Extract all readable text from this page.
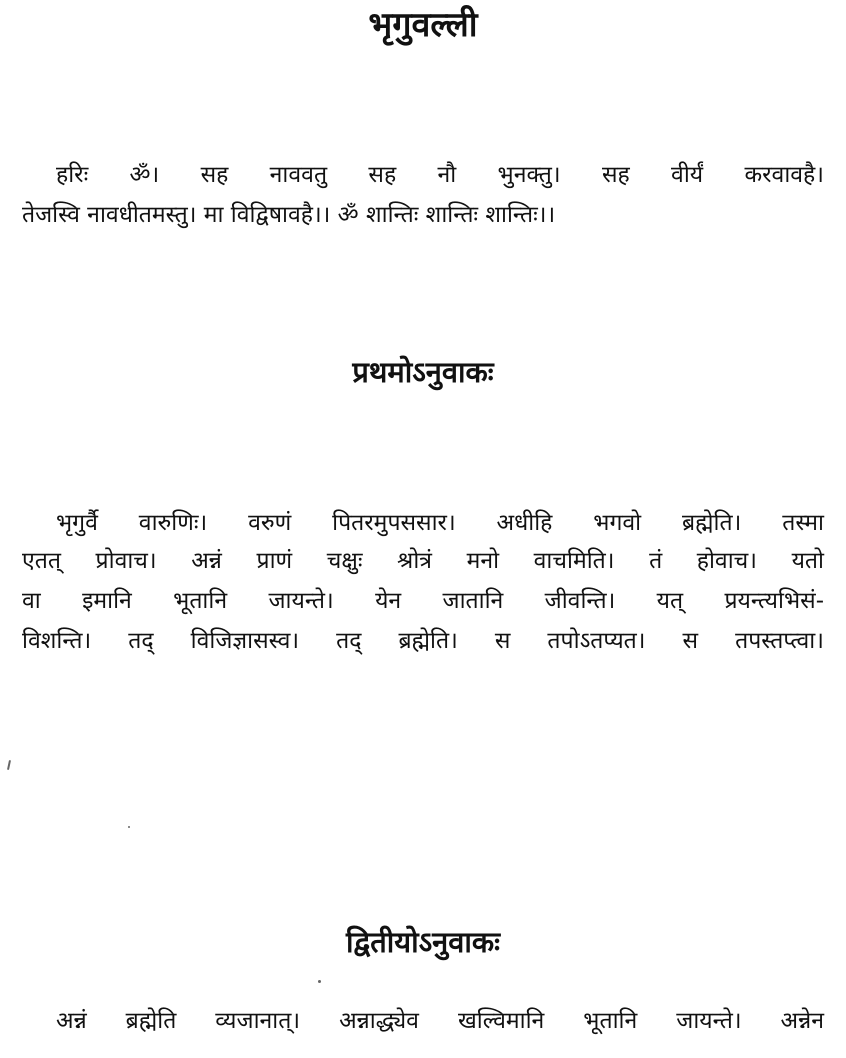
भृगुवल्ली
हरिः ॐ। सह नाववतु सह नौ भुनक्तु। सह वीर्यं करवावहै।
तेजस्वि नावधीतमस्तु। मा विद्विषावहै।। ॐ शान्तिः शान्तिः शान्तिः।।
प्रथमोऽनुवाकः
भृगुर्वै वारुणिः। वरुणं पितरमुपससार। अधीहि भगवो ब्रह्मेति। तस्मा
एतत् प्रोवाच। अन्नं प्राणं चक्षुः श्रोत्रं मनो वाचमिति। तं होवाच। यतो
वा इमानि भूतानि जायन्ते। येन जातानि जीवन्ति। यत् प्रयन्त्यभिसं-
विशन्ति। तद् विजिज्ञासस्व। तद् ब्रह्मेति। स तपोऽतप्यत। स तपस्तप्त्वा।
द्वितीयोऽनुवाकः
अन्नं ब्रह्मेति व्यजानात्। अन्नाद्ध्येव खल्विमानि भूतानि जायन्ते। अन्नेन
